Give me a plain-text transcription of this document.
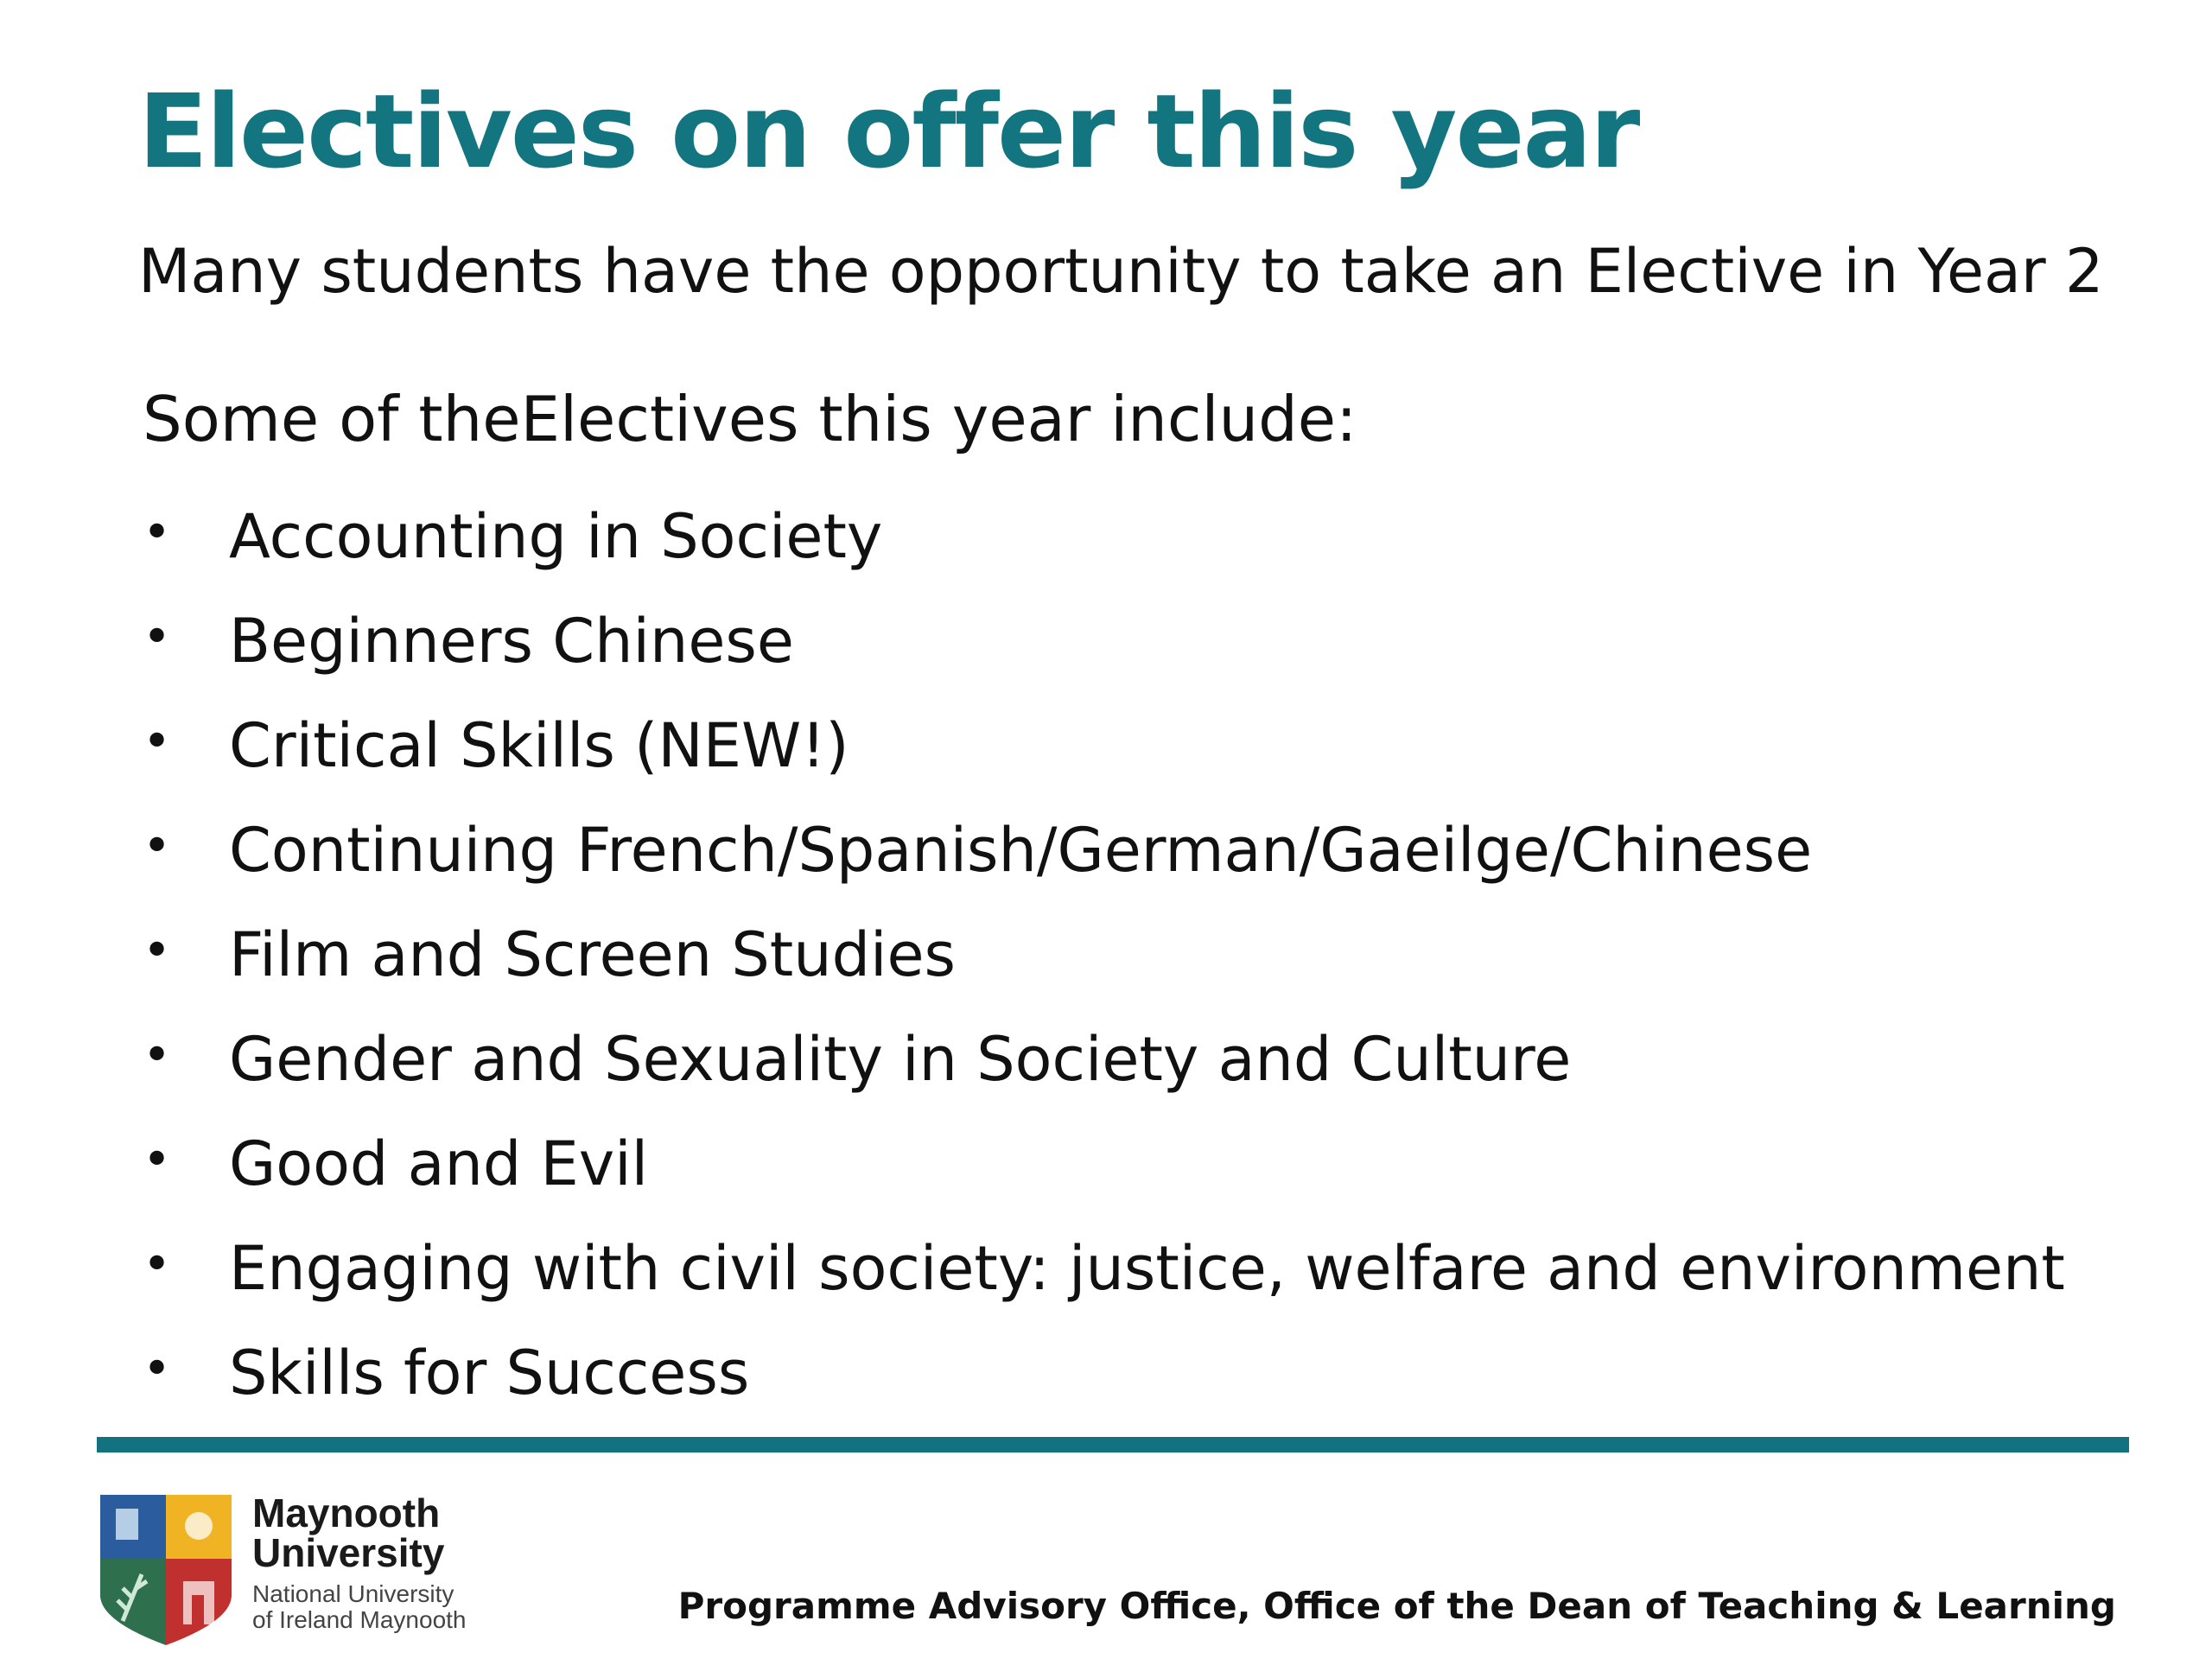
Electives on offer this year

Many students have the opportunity to take an Elective in Year 2

Some of theElectives this year include:

• Accounting in Society
• Beginners Chinese
• Critical Skills (NEW!)
• Continuing French/Spanish/German/Gaeilge/Chinese
• Film and Screen Studies
• Gender and Sexuality in Society and Culture
• Good and Evil
• Engaging with civil society: justice, welfare and environment
• Skills for Success
Maynooth
University
National University
of Ireland Maynooth	Programme Advisory Office, Office of the Dean of Teaching & Learning
